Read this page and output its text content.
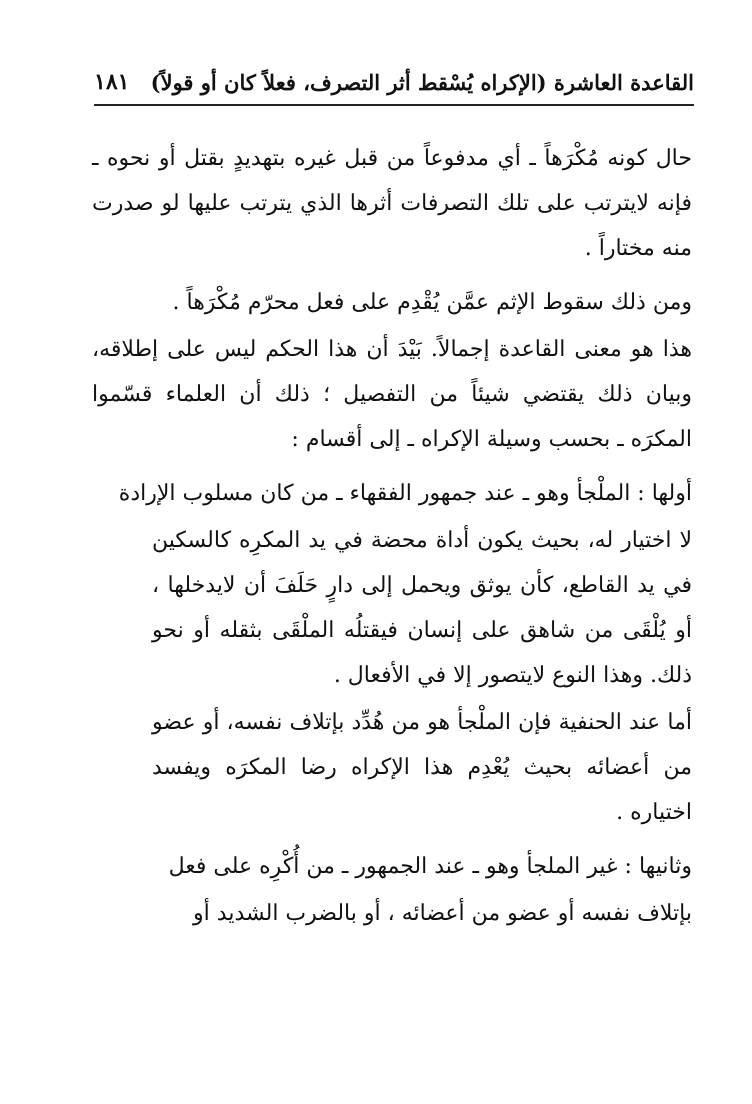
القاعدة العاشرة (الإكراه يُسْقط أثر التصرف، فعلاً كان أو قولاً)
١٨١

حال كونه مُكْرَهاً ـ أي مدفوعاً من قبل غيره بتهديدٍ بقتل أو نحوه ـ فإنه لايترتب على تلك التصرفات أثرها الذي يترتب عليها لو صدرت منه مختاراً .

ومن ذلك سقوط الإثم عمَّن يُقْدِم على فعل محرّم مُكْرَهاً .

هذا هو معنى القاعدة إجمالاً. بَيْدَ أن هذا الحكم ليس على إطلاقه، وبيان ذلك يقتضي شيئاً من التفصيل ؛ ذلك أن العلماء قسّموا المكرَه ـ بحسب وسيلة الإكراه ـ إلى أقسام :

أولها : الملْجأ وهو ـ عند جمهور الفقهاء ـ من كان مسلوب الإرادة

لا اختيار له، بحيث يكون أداة محضة في يد المكرِه كالسكين في يد القاطع، كأن يوثق ويحمل إلى دارٍ حَلَفَ أن لايدخلها ، أو يُلْقَى من شاهق على إنسان فيقتلُه الملْقَى بثقله أو نحو ذلك. وهذا النوع لايتصور إلا في الأفعال .

أما عند الحنفية فإن الملْجأ هو من هُدِّد بإتلاف نفسه، أو عضو من أعضائه بحيث يُعْدِم هذا الإكراه رضا المكرَه ويفسد اختياره .

وثانيها : غير الملجأ وهو ـ عند الجمهور ـ من أُكْرِه على فعل

بإتلاف نفسه أو عضو من أعضائه ، أو بالضرب الشديد أو
